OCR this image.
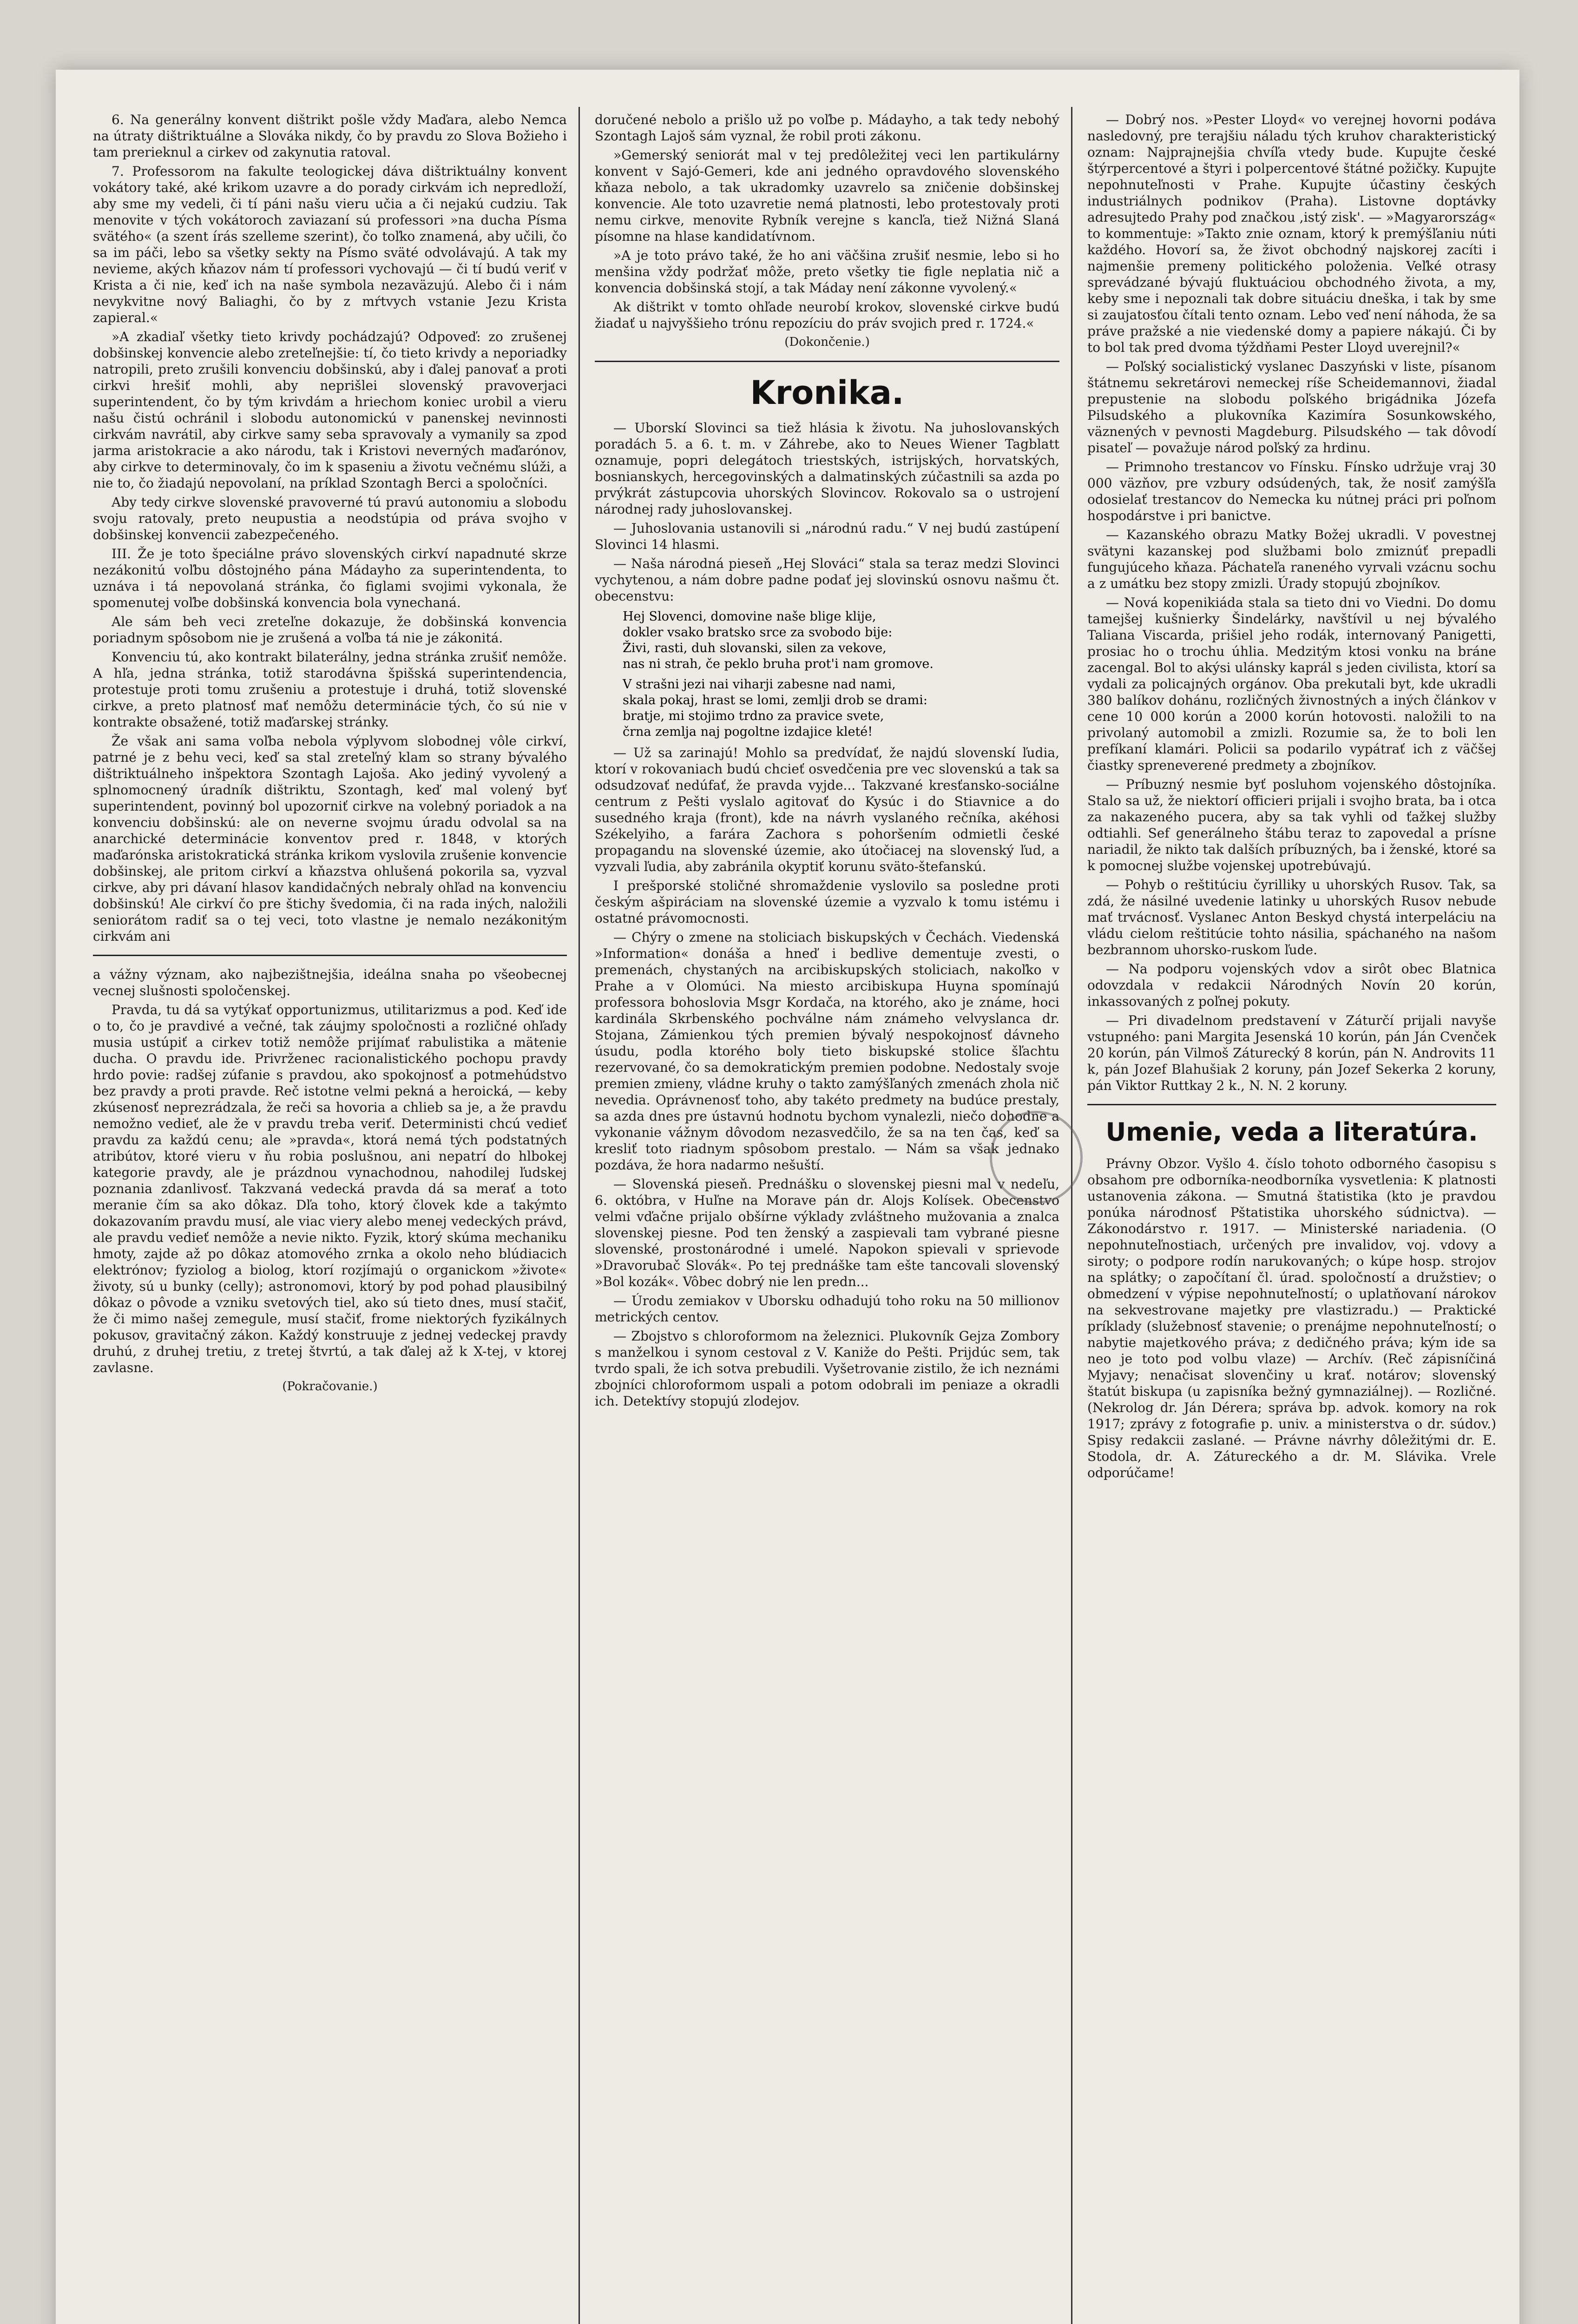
6. Na generálny konvent dištrikt pošle vždy Maďara, alebo Nemca na útraty dištriktuálne a Slováka nikdy, čo by pravdu zo Slova Božieho i tam prerieknul a cirkev od zakynutia ratoval.

7. Professorom na fakulte teologickej dáva dištriktuálny konvent vokátory také, aké krikom uzavre a do porady cirkvám ich nepredloží, aby sme my vedeli, či tí páni našu vieru učia a či nejakú cudziu. Tak menovite v tých vokátoroch zaviazaní sú professori »na ducha Písma svätého« (a szent írás szelleme szerint), čo toľko znamená, aby učili, čo sa im páči, lebo sa všetky sekty na Písmo sväté odvolávajú. A tak my nevieme, akých kňazov nám tí professori vychovajú — či tí budú veriť v Krista a či nie, keď ich na naše symbola nezaväzujú. Alebo či i nám nevykvitne nový Baliaghi, čo by z mŕtvych vstanie Jezu Krista zapieral.«

»A zkadiaľ všetky tieto krivdy pochádzajú? Odpoveď: zo zrušenej dobšinskej konvencie alebo zreteľnejšie: tí, čo tieto krivdy a neporiadky natropili, preto zrušili konvenciu dobšinskú, aby i ďalej panovať a proti cirkvi hrešiť mohli, aby neprišlei slovenský pravoverjaci superintendent, čo by tým krivdám a hriechom koniec urobil a vieru našu čistú ochránil i slobodu autonomickú v panenskej nevinnosti cirkvám navrátil, aby cirkve samy seba spravovaly a vymanily sa zpod jarma aristokracie a ako národu, tak i Kristovi neverných maďarónov, aby cirkve to determinovaly, čo im k spaseniu a životu večnému slúži, a nie to, čo žiadajú nepovolaní, na príklad Szontagh Berci a spoločníci.

Aby tedy cirkve slovenské pravoverné tú pravú autonomiu a slobodu svoju ratovaly, preto neupustia a neodstúpia od práva svojho v dobšinskej konvencii zabezpečeného.

III. Že je toto špeciálne právo slovenských cirkví napadnuté skrze nezákonitú voľbu dôstojného pána Mádayho za superintendenta, to uznáva i tá nepovolaná stránka, čo figlami svojimi vykonala, že spomenutej voľbe dobšinská konvencia bola vynechaná.

Ale sám beh veci zreteľne dokazuje, že dobšinská konvencia poriadnym spôsobom nie je zrušená a voľba tá nie je zákonitá.

Konvenciu tú, ako kontrakt bilaterálny, jedna stránka zrušiť nemôže. A hľa, jedna stránka, totiž starodávna špišská superintendencia, protestuje proti tomu zrušeniu a protestuje i druhá, totiž slovenské cirkve, a preto platnosť mať nemôžu determinácie tých, čo sú nie v kontrakte obsažené, totiž maďarskej stránky.

Že však ani sama voľba nebola výplyvom slobodnej vôle cirkví, patrné je z behu veci, keď sa stal zreteľný klam so strany bývalého dištriktuálneho inšpektora Szontagh Lajoša. Ako jediný vyvolený a splnomocnený úradník dištriktu, Szontagh, keď mal volený byť superintendent, povinný bol upozorniť cirkve na volebný poriadok a na konvenciu dobšinskú: ale on neverne svojmu úradu odvolal sa na anarchické determinácie konventov pred r. 1848, v ktorých maďarónska aristokratická stránka krikom vyslovila zrušenie konvencie dobšinskej, ale pritom cirkví a kňazstva ohlušená pokorila sa, vyzval cirkve, aby pri dávaní hlasov kandidačných nebraly ohľad na konvenciu dobšinskú! Ale cirkví čo pre štichy švedomia, či na rada iných, naložili seniorátom radiť sa o tej veci, toto vlastne je nemalo nezákonitým cirkvám ani

a vážny význam, ako najbezištnejšia, ideálna snaha po všeobecnej vecnej slušnosti spoločenskej.

Pravda, tu dá sa vytýkať opportunizmus, utilitarizmus a pod. Keď ide o to, čo je pravdivé a večné, tak záujmy spoločnosti a rozličné ohľady musia ustúpiť a cirkev totiž nemôže prijímať rabulistika a mätenie ducha. O pravdu ide. Privrženec racionalistického pochopu pravdy hrdo povie: radšej zúfanie s pravdou, ako spokojnosť a potmehúdstvo bez pravdy a proti pravde. Reč istotne velmi pekná a heroická, — keby zkúsenosť neprezrádzala, že reči sa hovoria a chlieb sa je, a že pravdu nemožno vedieť, ale že v pravdu treba veriť. Deterministi chcú vedieť pravdu za každú cenu; ale »pravda«, ktorá nemá tých podstatných atribútov, ktoré vieru v ňu robia poslušnou, ani nepatrí do hlbokej kategorie pravdy, ale je prázdnou vynachodnou, nahodilej ľudskej poznania zdanlivosť. Takzvaná vedecká pravda dá sa merať a toto meranie čím sa ako dôkaz. Dľa toho, ktorý človek kde a takýmto dokazovaním pravdu musí, ale viac viery alebo menej vedeckých právd, ale pravdu vedieť nemôže a nevie nikto. Fyzik, ktorý skúma mechaniku hmoty, zajde až po dôkaz atomového zrnka a okolo neho blúdiacich elektrónov; fyziolog a biolog, ktorí rozjímajú o organickom »živote« životy, sú u bunky (celly); astronomovi, ktorý by pod pohad plausibilný dôkaz o pôvode a vzniku svetových tiel, ako sú tieto dnes, musí stačiť, že či mimo našej zemegule, musí stačiť, frome niektorých fyzikálnych pokusov, gravitačný zákon. Každý konstruuje z jednej vedeckej pravdy druhú, z druhej tretiu, z tretej štvrtú, a tak ďalej až k X-tej, v ktorej zavlasne.

(Pokračovanie.)

doručené nebolo a prišlo už po voľbe p. Mádayho, a tak tedy nebohý Szontagh Lajoš sám vyznal, že robil proti zákonu.

»Gemerský seniorát mal v tej predôležitej veci len partikulárny konvent v Sajó-Gemeri, kde ani jedného opravdového slovenského kňaza nebolo, a tak ukradomky uzavrelo sa zničenie dobšinskej konvencie. Ale toto uzavretie nemá platnosti, lebo protestovaly proti nemu cirkve, menovite Rybník verejne s kancľa, tiež Nižná Slaná písomne na hlase kandidatívnom.

»A je toto právo také, že ho ani väčšina zrušiť nesmie, lebo si ho menšina vždy podržať môže, preto všetky tie figle neplatia nič a konvencia dobšinská stojí, a tak Máday není zákonne vyvolený.«

Ak dištrikt v tomto ohľade neurobí krokov, slovenské cirkve budú žiadať u najvyššieho trónu repozíciu do práv svojich pred r. 1724.«

(Dokončenie.)

Kronika.

— Uborskí Slovinci sa tiež hlásia k životu. Na juhoslovanských poradách 5. a 6. t. m. v Záhrebe, ako to Neues Wiener Tagblatt oznamuje, popri delegátoch triestských, istrijských, horvatských, bosnianskych, hercegovinských a dalmatinských zúčastnili sa azda po prvýkrát zástupcovia uhorských Slovincov. Rokovalo sa o ustrojení národnej rady juhoslovanskej.

— Juhoslovania ustanovili si „národnú radu.“ V nej budú zastúpení Slovinci 14 hlasmi.

— Naša národná pieseň „Hej Slováci“ stala sa teraz medzi Slovinci vychytenou, a nám dobre padne podať jej slovinskú osnovu našmu čt. obecenstvu:

Hej Slovenci, domovine naše blige klije,
dokler vsako bratsko srce za svobodo bije:
Živi, rasti, duh slovanski, silen za vekove,
nas ni strah, če peklo bruha prot'i nam gromove.
V strašni jezi nai viharji zabesne nad nami,
skala pokaj, hrast se lomi, zemlji drob se drami:
bratje, mi stojimo trdno za pravice svete,
črna zemlja naj pogoltne izdajice kleté!

— Už sa zarinajú! Mohlo sa predvídať, že najdú slovenskí ľudia, ktorí v rokovaniach budú chcieť osvedčenia pre vec slovenskú a tak sa odsudzovať nedúfať, že pravda vyjde... Takzvané kresťansko-sociálne centrum z Pešti vyslalo agitovať do Kysúc i do Stiavnice a do susedného kraja (front), kde na návrh vyslaného rečníka, akéhosi Székelyiho, a farára Zachora s pohoršením odmietli české propagandu na slovenské územie, ako útočiacej na slovenský ľud, a vyzvali ľudia, aby zabránila okyptiť korunu sväto-štefanskú.

I prešporské stoličné shromaždenie vyslovilo sa posledne proti českým ašpiráciam na slovenské územie a vyzvalo k tomu istému i ostatné právomocnosti.

— Chýry o zmene na stoliciach biskupských v Čechách. Viedenská »Information« donáša a hneď i bedlive dementuje zvesti, o premenách, chystaných na arcibiskupských stoliciach, nakoľko v Prahe a v Olomúci. Na miesto arcibiskupa Huyna spomínajú professora bohoslovia Msgr Kordača, na ktorého, ako je známe, hoci kardinála Skrbenského pochválne nám známeho velvyslanca dr. Stojana, Zámienkou tých premien bývalý nespokojnosť dávneho úsudu, podla ktorého boly tieto biskupské stolice šľachtu rezervované, čo sa demokratickým premien podobne. Nedostaly svoje premien zmieny, vládne kruhy o takto zamýšľaných zmenách zhola nič nevedia. Oprávnenosť toho, aby takéto predmety na budúce prestaly, sa azda dnes pre ústavnú hodnotu bychom vynalezli, niečo dohodne a vykonanie vážnym dôvodom nezasvedčilo, že sa na ten čas, keď sa kresliť toto riadnym spôsobom prestalo. — Nám sa však jednako pozdáva, že hora nadarmo nešuští.

— Slovenská pieseň. Prednášku o slovenskej piesni mal v nedeľu, 6. októbra, v Huľne na Morave pán dr. Alojs Kolísek. Obecenstvo velmi vďačne prijalo obšírne výklady zvláštneho mužovania a znalca slovenskej piesne. Pod ten ženský a zaspievali tam vybrané piesne slovenské, prostonárodné i umelé. Napokon spievali v sprievode »Dravorubač Slovák«. Po tej prednáške tam ešte tancovali slovenský »Bol kozák«. Vôbec dobrý nie len predn...

— Úrodu zemiakov v Uborsku odhadujú toho roku na 50 millionov metrických centov.

— Zbojstvo s chloroformom na železnici. Plukovník Gejza Zombory s manželkou i synom cestoval z V. Kanižе do Pešti. Prijdúc sem, tak tvrdo spali, že ich sotva prebudili. Vyšetrovanie zistilo, že ich neznámi zbojníci chloroformom uspali a potom odobrali im peniaze a okradli ich. Detektívy stopujú zlodejov.

— Dobrý nos. »Pester Lloyd« vo verejnej hovorni podáva nasledovný, pre terajšiu náladu tých kruhov charakteristický oznam: Najprajnejšia chvíľa vtedy bude. Kupujte české štýrpercentové a štyri i polpercentové štátné požičky. Kupujte nepohnuteľnosti v Prahe. Kupujte účastiny českých industriálnych podnikov (Praha). Listovne doptávky adresujtedo Prahy pod značkou ,istý zisk'. — »Magyarország« to kommentuje: »Takto znie oznam, ktorý k premýšľaniu núti každého. Hovorí sa, že život obchodný najskorej zacíti i najmenšie premeny politického položenia. Veľké otrasy sprevádzané bývajú fluktuáciou obchodného života, a my, keby sme i nepoznali tak dobre situáciu dneška, i tak by sme si zaujatosťou čítali tento oznam. Lebo veď není náhoda, že sa práve pražské a nie viedenské domy a papiere nákajú. Či by to bol tak pred dvoma týždňami Pester Lloyd uverejnil?«

— Poľský socialistický vyslanec Daszyński v liste, písanom štátnemu sekretárovi nemeckej ríše Scheidemannovi, žiadal prepustenie na slobodu poľského brigádnika Józefa Pilsudského a plukovníka Kazimíra Sosunkowského, väznených v pevnosti Magdeburg. Pilsudského — tak dôvodí pisateľ — považuje národ poľský za hrdinu.

— Primnoho trestancov vo Fínsku. Fínsko udržuje vraj 30 000 väzňov, pre vzbury odsúdených, tak, že nosiť zamýšľa odosielať trestancov do Nemecka ku nútnej práci pri poľnom hospodárstve i pri banictve.

— Kazanského obrazu Matky Božej ukradli. V povestnej svätyni kazanskej pod službami bolo zmiznúť prepadli fungujúceho kňaza. Páchateľa raneného vyrvali vzácnu sochu a z umátku bez stopy zmizli. Úrady stopujú zbojníkov.

— Nová kopenikiáda stala sa tieto dni vo Viedni. Do domu tamejšej kušnierky Šindelárky, navštívil u nej bývalého Taliana Viscarda, prišiel jeho rodák, internovaný Panigetti, prosiac ho o trochu úhlia. Medzitým ktosi vonku na bráne zacengal. Bol to akýsi ulánsky kaprál s jeden civilista, ktorí sa vydali za policajných orgánov. Oba prekutali byt, kde ukradli 380 balíkov dohánu, rozličných živnostných a iných článkov v cene 10 000 korún a 2000 korún hotovosti. naložili to na privolaný automobil a zmizli. Rozumie sa, že to boli len prefíkaní klamári. Policii sa podarilo vypátrať ich z väčšej čiastky spreneverené predmety a zbojníkov.

— Príbuzný nesmie byť posluhom vojenského dôstojníka. Stalo sa už, že niektorí officieri prijali i svojho brata, ba i otca za nakazeného pucera, aby sa tak vyhli od ťažkej služby odtiahli. Sef generálneho štábu teraz to zapovedal a prísne nariadil, že nikto tak dalších príbuzných, ba i ženské, ktoré sa k pomocnej službe vojenskej upotrebúvajú.

— Pohyb o reštitúciu čyrilliky u uhorských Rusov. Tak, sa zdá, že násilné uvedenie latinky u uhorských Rusov nebude mať trvácnosť. Vyslanec Anton Beskyd chystá interpeláciu na vládu cielom reštitúcie tohto násilia, spáchaného na našom bezbrannom uhorsko-ruskom ľude.

— Na podporu vojenských vdov a sirôt obec Blatnica odovzdala v redakcii Národných Novín 20 korún, inkassovaných z poľnej pokuty.

— Pri divadelnom predstavení v Záturčí prijali navyše vstupného: pani Margita Jesenská 10 korún, pán Ján Cvenček 20 korún, pán Vilmoš Záturecký 8 korún, pán N. Androvits 11 k, pán Jozef Blahušiak 2 koruny, pán Jozef Sekerka 2 koruny, pán Viktor Ruttkay 2 k., N. N. 2 koruny.

Umenie, veda a literatúra.

Právny Obzor. Vyšlo 4. číslo tohoto odborného časopisu s obsahom pre odborníka-neodborníka vysvetlenia: K platnosti ustanovenia zákona. — Smutná štatistika (kto je pravdou ponúka národnosť Pštatistika uhorského súdnictva). — Zákonodárstvo r. 1917. — Ministerské nariadenia. (O nepohnuteľnostiach, určených pre invalidov, voj. vdovy a siroty; o podpore rodín narukovaných; o kúpe hosp. strojov na splátky; o započítaní čl. úrad. spoločností a družstiev; o obmedzení v výpise nepohnuteľností; o uplatňovaní nárokov na sekvestrovane majetky pre vlastizradu.) — Praktické príklady (služebnosť stavenie; o prenájme nepohnuteľností; o nabytie majetkového práva; z dedičného práva; kým ide sa neo je toto pod volbu vlaze) — Archív. (Reč zápisníčiná Myjavy; nenačisat slovenčiny u krať. notárov; slovenský štatút biskupa (u zapisníka bežný gymnaziálnej). — Rozličné. (Nekrolog dr. Ján Dérera; správa bp. advok. komory na rok 1917; zprávy z fotografie p. univ. a ministerstva o dr. súdov.) Spisy redakcii zaslané. — Právne návrhy dôležitými dr. E. Stodola, dr. A. Zátureckého a dr. M. Slávika. Vrele odporúčame!
